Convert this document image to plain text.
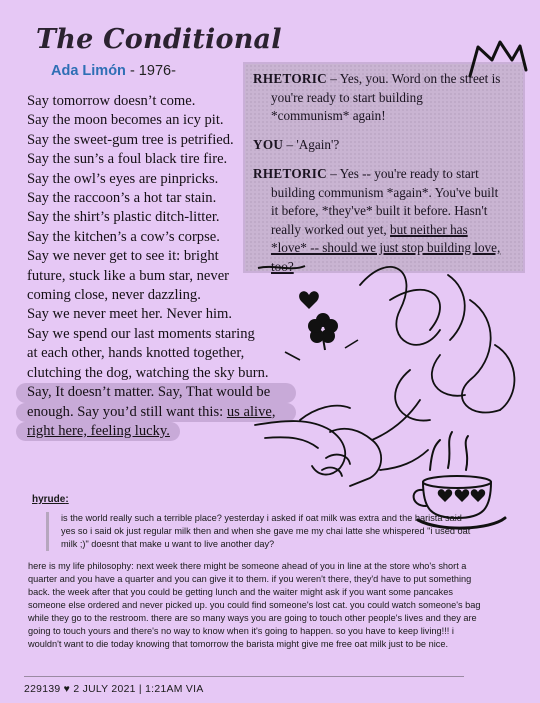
The Conditional
Ada Limón - 1976-
Say tomorrow doesn’t come.
Say the moon becomes an icy pit.
Say the sweet-gum tree is petrified.
Say the sun’s a foul black tire fire.
Say the owl’s eyes are pinpricks.
Say the raccoon’s a hot tar stain.
Say the shirt’s plastic ditch-litter.
Say the kitchen’s a cow’s corpse.
Say we never get to see it: bright
future, stuck like a bum star, never
coming close, never dazzling.
Say we never meet her. Never him.
Say we spend our last moments staring
at each other, hands knotted together,
clutching the dog, watching the sky burn.
Say, It doesn’t matter. Say, That would be
enough. Say you’d still want this: us alive,
right here, feeling lucky.
RHETORIC – Yes, you. Word on the street is
you're ready to start building
*communism* again!
YOU – 'Again'?
RHETORIC – Yes -- you're ready to start
building communism *again*. You've built
it before, *they've* built it before. Hasn't
really worked out yet, but neither has
*love* -- should we just stop building love,
too?
hyrude:
is the world really such a terrible place? yesterday i asked if oat milk was extra and the barista said yes so i said ok just regular milk then and when she gave me my chai latte she whispered "i used oat milk ;)" doesnt that make u want to live another day?
here is my life philosophy: next week there might be someone ahead of you in line at the store who's short a quarter and you have a quarter and you can give it to them. if you weren't there, they'd have to put something back. the week after that you could be getting lunch and the waiter might ask if you want some pancakes someone else ordered and never picked up. you could find someone's lost cat. you could watch someone's bag while they go to the restroom. there are so many ways you are going to touch other people's lives and they are going to touch yours and there's no way to know when it's going to happen. so you have to keep living!!! i wouldn't want to die today knowing that tomorrow the barista might give me free oat milk just to be nice.
229139 ♥ 2 JULY 2021 | 1:21AM VIA
